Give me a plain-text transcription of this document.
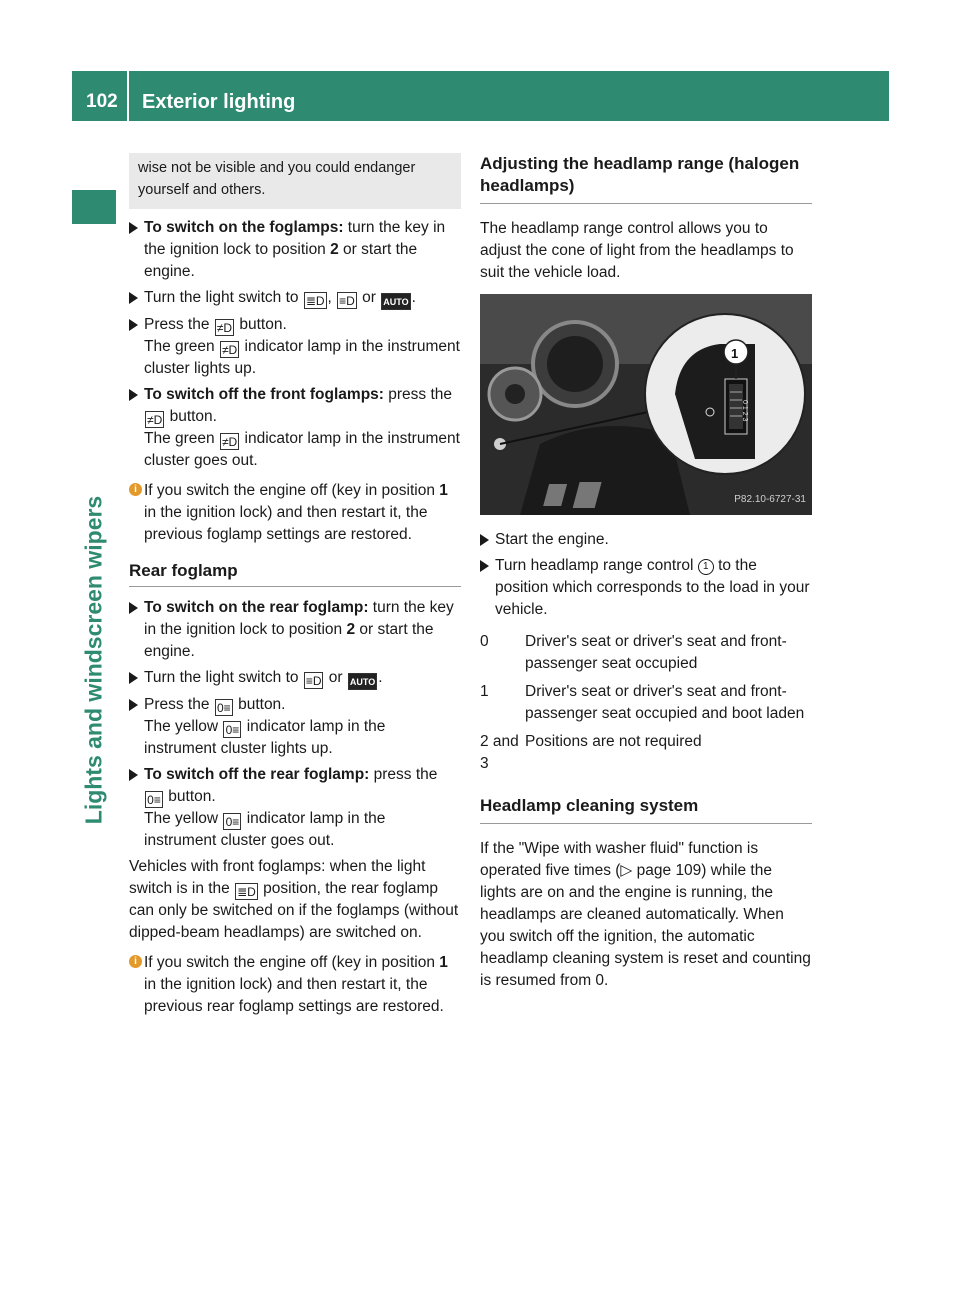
102 Exterior lighting
Lights and windscreen wipers
wise not be visible and you could endanger yourself and others.
To switch on the foglamps: turn the key in the ignition lock to position 2 or start the engine.
Turn the light switch to ≣D , ≡D or AUTO .
Press the ≠D button.
The green ≠D indicator lamp in the instrument cluster lights up.
To switch off the front foglamps: press the ≠D button.
The green ≠D indicator lamp in the instrument cluster goes out.
i If you switch the engine off (key in position 1 in the ignition lock) and then restart it, the previous foglamp settings are restored.
Rear foglamp
To switch on the rear foglamp: turn the key in the ignition lock to position 2 or start the engine.
Turn the light switch to ≡D or AUTO .
Press the 0≡ button.
The yellow 0≡ indicator lamp in the instrument cluster lights up.
To switch off the rear foglamp: press the
0≡ button.
The yellow 0≡ indicator lamp in the instrument cluster goes out.

Vehicles with front foglamps: when the light switch is in the ≣D position, the rear foglamp can only be switched on if the foglamps (without dipped-beam headlamps) are switched on.

i If you switch the engine off (key in position 1 in the ignition lock) and then restart it, the previous rear foglamp settings are restored.
Adjusting the headlamp range (halogen headlamps)

The headlamp range control allows you to adjust the cone of light from the headlamps to suit the vehicle load.

1
0 1 2 3
P82.10-6727-31
Start the engine.
Turn headlamp range control 1 to the position which corresponds to the load in your vehicle.
0	Driver's seat or driver's seat and front-passenger seat occupied
1	Driver's seat or driver's seat and front-passenger seat occupied and boot laden
2 and 3
Positions are not required
Headlamp cleaning system

If the "Wipe with washer fluid" function is operated five times (▷ page 109) while the lights are on and the engine is running, the headlamps are cleaned automatically. When you switch off the ignition, the automatic headlamp cleaning system is reset and counting is resumed from 0.
